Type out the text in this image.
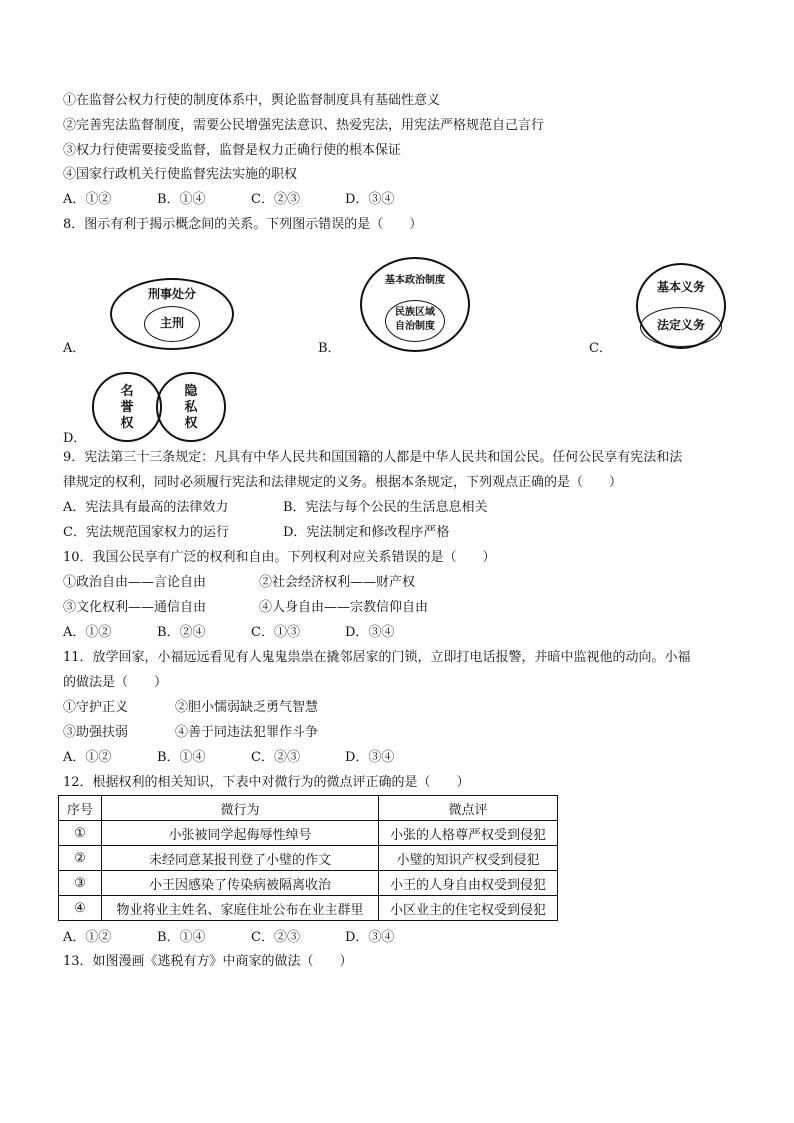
①在监督公权力行使的制度体系中，舆论监督制度具有基础性意义
②完善宪法监督制度，需要公民增强宪法意识、热爱宪法，用宪法严格规范自己言行
③权力行使需要接受监督，监督是权力正确行使的根本保证
④国家行政机关行使监督宪法实施的职权
A．①②	B．①④	C．②③	D．③④
8．图示有利于揭示概念间的关系。下列图示错误的是（　　）
A．
刑事处分
主刑
B．
基本政治制度
民族区域
自治制度
C．
基本义务
法定义务
D．
名誉权
隐私权
9．宪法第三十三条规定：凡具有中华人民共和国国籍的人都是中华人民共和国公民。任何公民享有宪法和法
律规定的权利，同时必须履行宪法和法律规定的义务。根据本条规定，下列观点正确的是（　　）
A．宪法具有最高的法律效力	B．宪法与每个公民的生活息息相关
C．宪法规范国家权力的运行	D．宪法制定和修改程序严格
10．我国公民享有广泛的权利和自由。下列权利对应关系错误的是（　　）
①政治自由——言论自由	②社会经济权利——财产权
③文化权利——通信自由	④人身自由——宗教信仰自由
A．①②	B．②④	C．①③	D．③④
11．放学回家，小福远远看见有人鬼鬼祟祟在撬邻居家的门锁，立即打电话报警，并暗中监视他的动向。小福
的做法是（　　）
①守护正义	②胆小懦弱缺乏勇气智慧
③助强扶弱	④善于同违法犯罪作斗争
A．①②	B．①④	C．②③	D．③④
12．根据权利的相关知识，下表中对微行为的微点评正确的是（　　）
序号	微行为	微点评
①	小张被同学起侮辱性绰号	小张的人格尊严权受到侵犯
②	未经同意某报刊登了小璧的作文	小璧的知识产权受到侵犯
③	小王因感染了传染病被隔离收治	小王的人身自由权受到侵犯
④	物业将业主姓名、家庭住址公布在业主群里	小区业主的住宅权受到侵犯
A．①②	B．①④	C．②③	D．③④
13．如图漫画《逃税有方》中商家的做法（　　）
